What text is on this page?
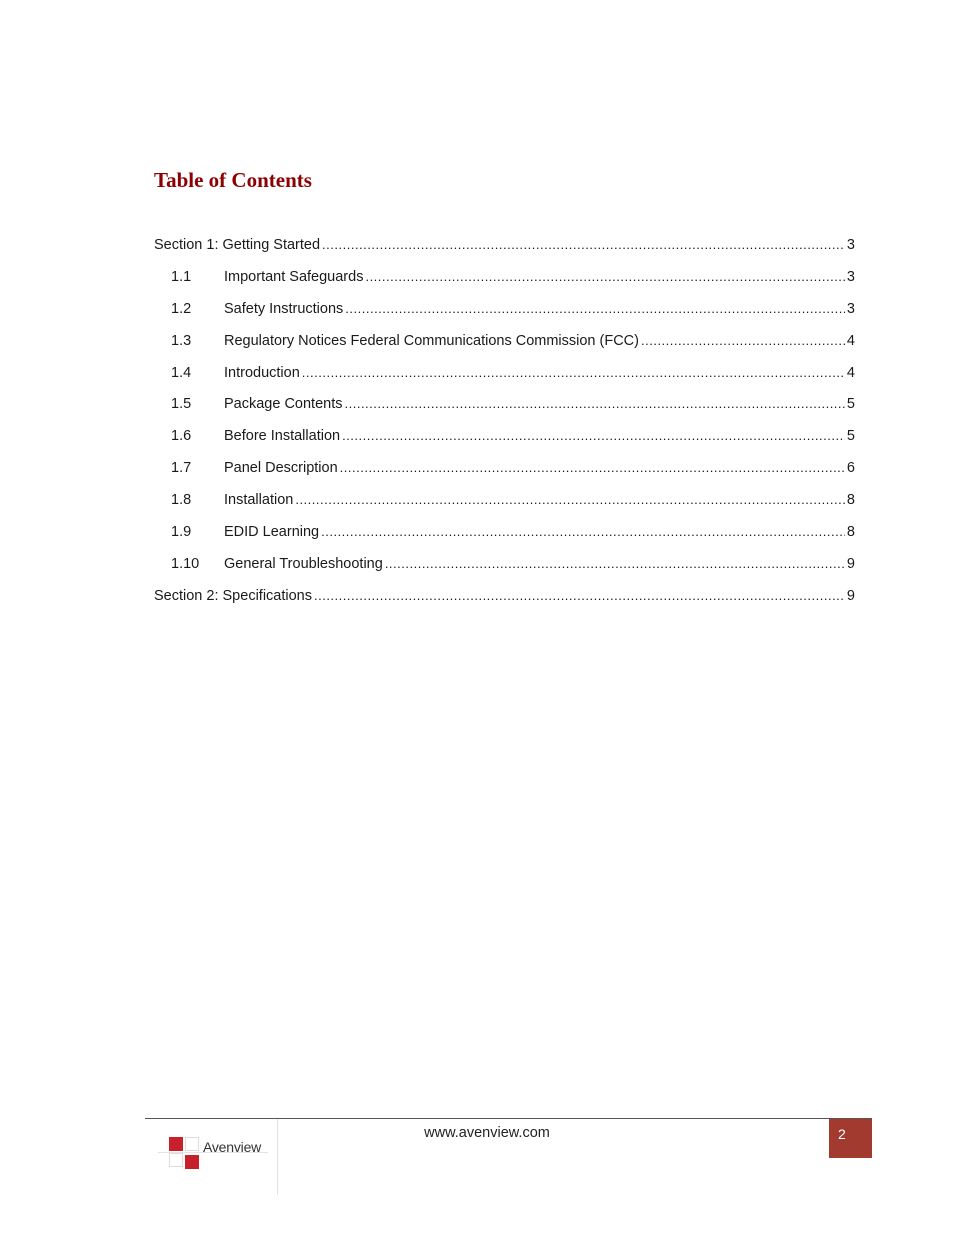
Table of Contents
Section 1: Getting Started .....	3
1.1	Important Safeguards .....	3
1.2	Safety Instructions .....	3
1.3	Regulatory Notices Federal Communications Commission (FCC) .....	4
1.4	Introduction .....	4
1.5	Package Contents .....	5
1.6	Before Installation .....	5
1.7	Panel Description .....	6
1.8	Installation .....	8
1.9	EDID Learning .....	8
1.10	General Troubleshooting .....	9
Section 2: Specifications .....	9
Avenview
www.avenview.com	2
